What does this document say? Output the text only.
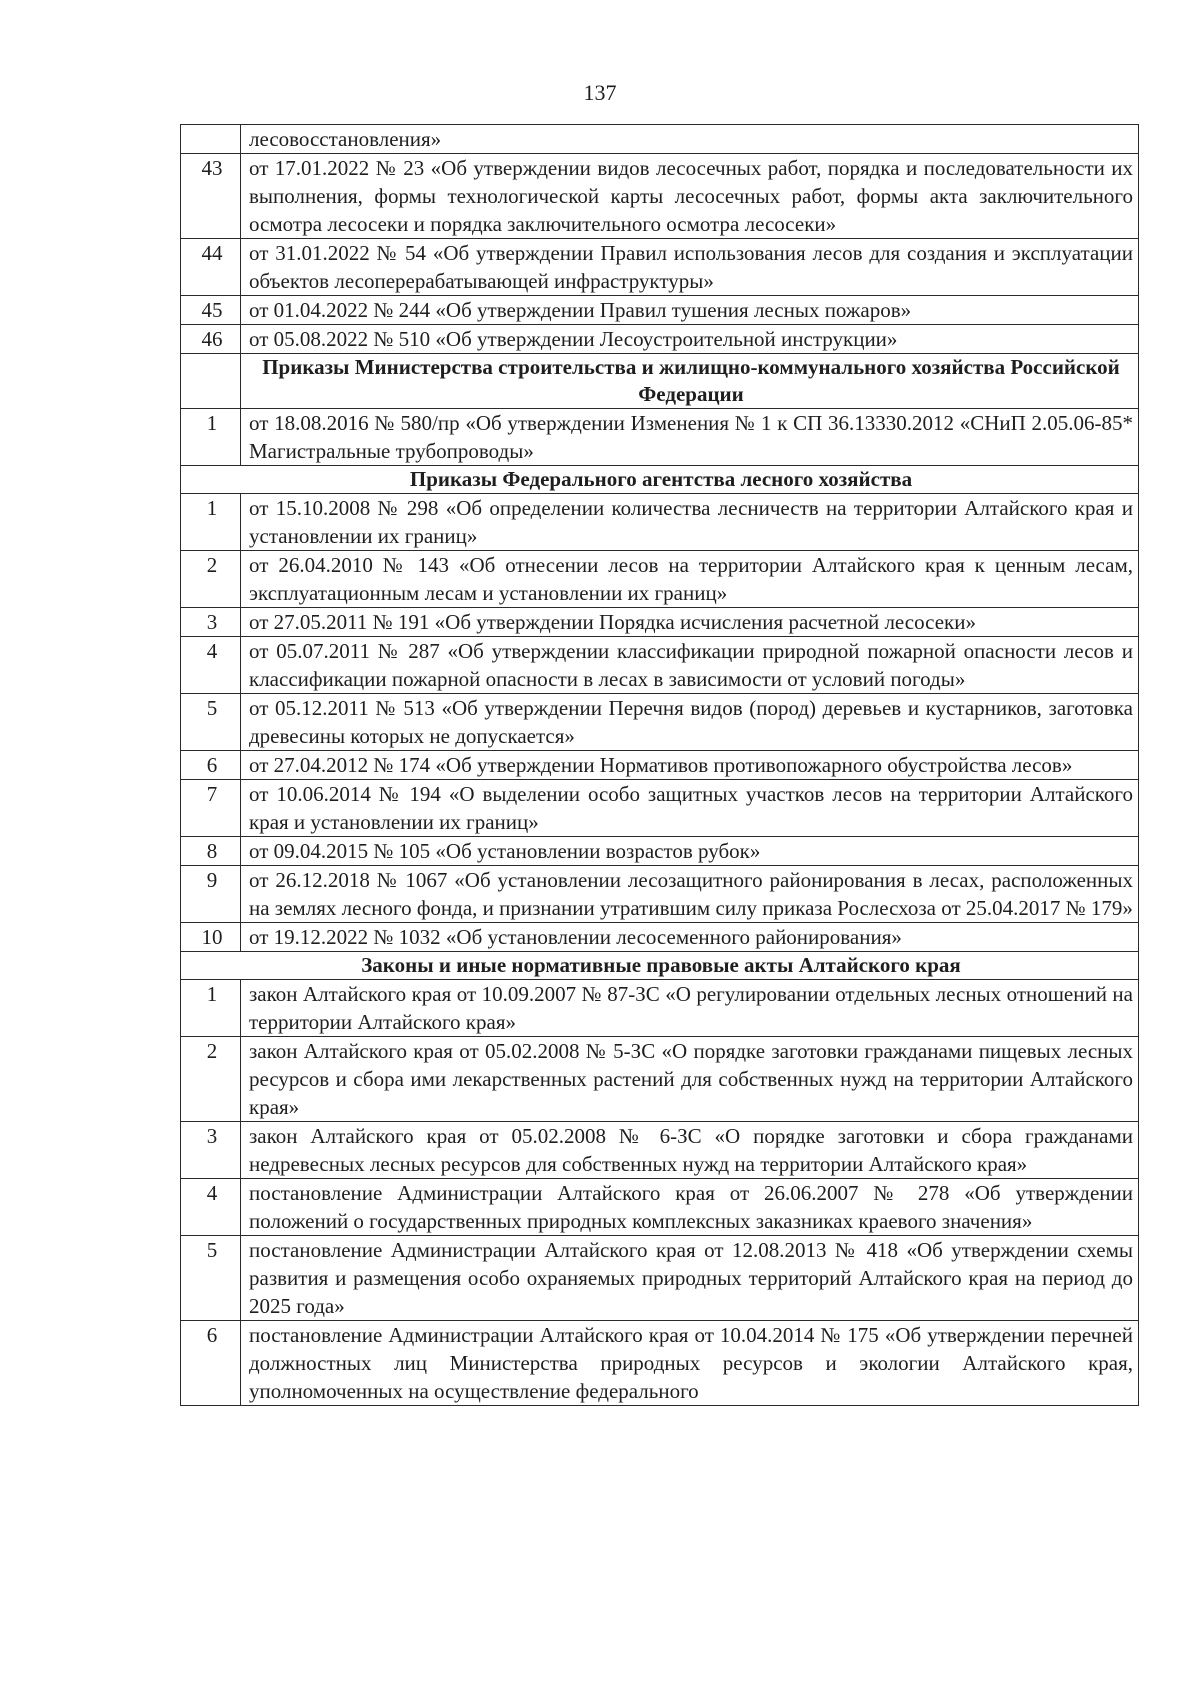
137
	лесовосстановления»
43	от 17.01.2022 № 23 «Об утверждении видов лесосечных работ, порядка и последовательности их выполнения, формы технологической карты лесосечных работ, формы акта заключительного осмотра лесосеки и порядка заключительного осмотра лесосеки»
44	от 31.01.2022 № 54 «Об утверждении Правил использования лесов для создания и эксплуатации объектов лесоперерабатывающей инфраструктуры»
45	от 01.04.2022 № 244 «Об утверждении Правил тушения лесных пожаров»
46	от 05.08.2022 № 510 «Об утверждении Лесоустроительной инструкции»
	Приказы Министерства строительства и жилищно-коммунального хозяйства Российской Федерации
1	от 18.08.2016 № 580/пр «Об утверждении Изменения № 1 к СП 36.13330.2012 «СНиП 2.05.06-85* Магистральные трубопроводы»
Приказы Федерального агентства лесного хозяйства	
1	от 15.10.2008 № 298 «Об определении количества лесничеств на территории Алтайского края и установлении их границ»
2	от 26.04.2010 № 143 «Об отнесении лесов на территории Алтайского края к ценным лесам, эксплуатационным лесам и установлении их границ»
3	от 27.05.2011 № 191 «Об утверждении Порядка исчисления расчетной лесосеки»
4	от 05.07.2011 № 287 «Об утверждении классификации природной пожарной опасности лесов и классификации пожарной опасности в лесах в зависимости от условий погоды»
5	от 05.12.2011 № 513 «Об утверждении Перечня видов (пород) деревьев и кустарников, заготовка древесины которых не допускается»
6	от 27.04.2012 № 174 «Об утверждении Нормативов противопожарного обустройства лесов»
7	от 10.06.2014 № 194 «О выделении особо защитных участков лесов на территории Алтайского края и установлении их границ»
8	от 09.04.2015 № 105 «Об установлении возрастов рубок»
9	от 26.12.2018 № 1067 «Об установлении лесозащитного районирования в лесах, расположенных на землях лесного фонда, и признании утратившим силу приказа Рослесхоза от 25.04.2017 № 179»
10	от 19.12.2022 № 1032 «Об установлении лесосеменного районирования»
Законы и иные нормативные правовые акты Алтайского края	
1	закон Алтайского края от 10.09.2007 № 87-ЗС «О регулировании отдельных лесных отношений на территории Алтайского края»
2	закон Алтайского края от 05.02.2008 № 5-ЗС «О порядке заготовки гражданами пищевых лесных ресурсов и сбора ими лекарственных растений для собственных нужд на территории Алтайского края»
3	закон Алтайского края от 05.02.2008 № 6-ЗС «О порядке заготовки и сбора гражданами недревесных лесных ресурсов для собственных нужд на территории Алтайского края»
4	постановление Администрации Алтайского края от 26.06.2007 № 278 «Об утверждении положений о государственных природных комплексных заказниках краевого значения»
5	постановление Администрации Алтайского края от 12.08.2013 № 418 «Об утверждении схемы развития и размещения особо охраняемых природных территорий Алтайского края на период до 2025 года»
6	постановление Администрации Алтайского края от 10.04.2014 № 175 «Об утверждении перечней должностных лиц Министерства природных ресурсов и экологии Алтайского края, уполномоченных на осуществление федерального
